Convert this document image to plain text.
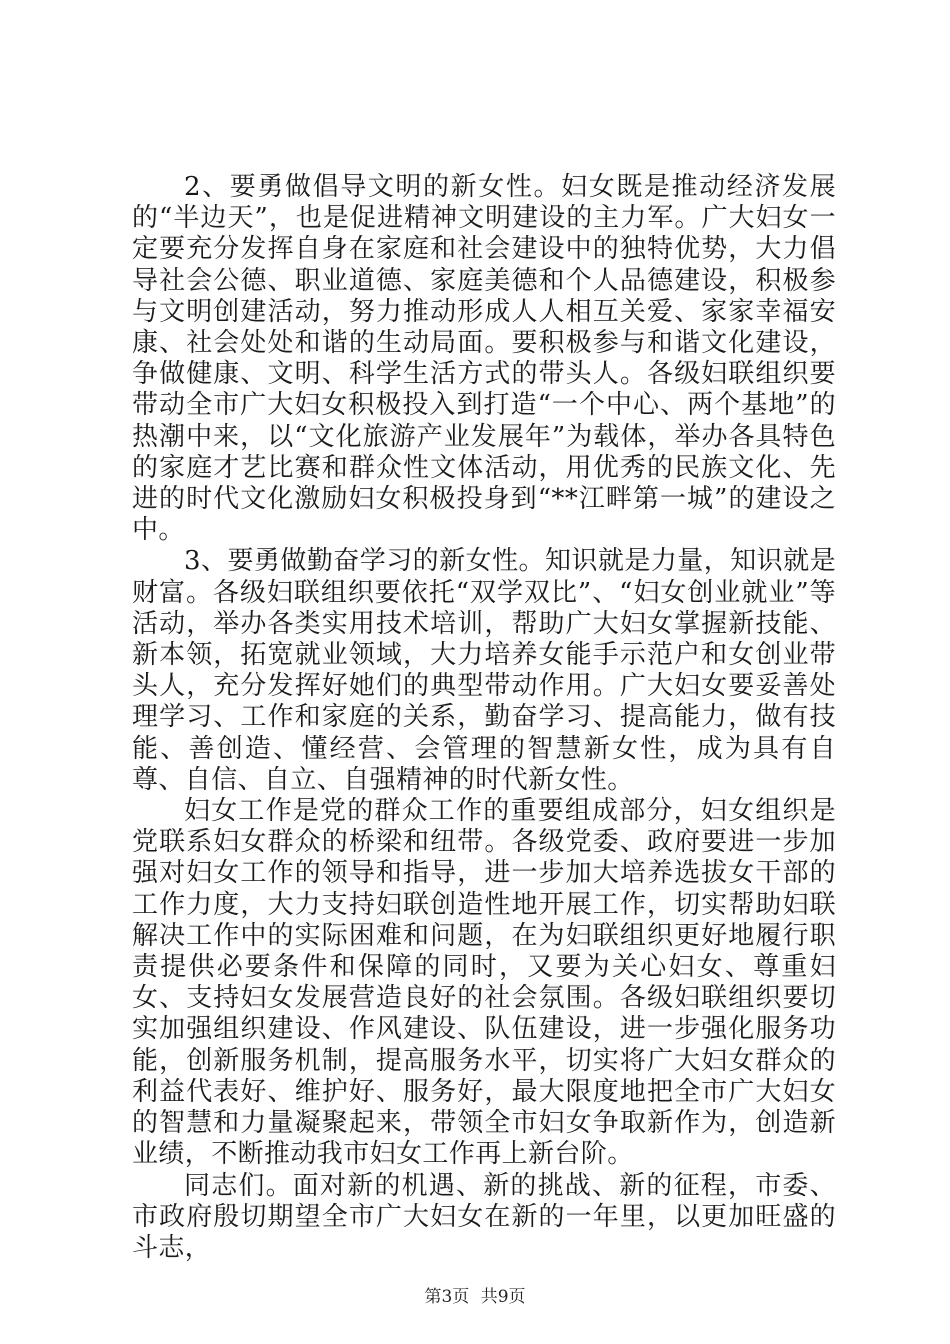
2、要勇做倡导文明的新女性。妇女既是推动经济发展的“半边天”，也是促进精神文明建设的主力军。广大妇女一定要充分发挥自身在家庭和社会建设中的独特优势，大力倡导社会公德、职业道德、家庭美德和个人品德建设，积极参与文明创建活动，努力推动形成人人相互关爱、家家幸福安康、社会处处和谐的生动局面。要积极参与和谐文化建设，争做健康、文明、科学生活方式的带头人。各级妇联组织要带动全市广大妇女积极投入到打造“一个中心、两个基地”的热潮中来，以“文化旅游产业发展年”为载体，举办各具特色的家庭才艺比赛和群众性文体活动，用优秀的民族文化、先进的时代文化激励妇女积极投身到“**江畔第一城”的建设之中。

3、要勇做勤奋学习的新女性。知识就是力量，知识就是财富。各级妇联组织要依托“双学双比”、“妇女创业就业”等活动，举办各类实用技术培训，帮助广大妇女掌握新技能、新本领，拓宽就业领域，大力培养女能手示范户和女创业带头人，充分发挥好她们的典型带动作用。广大妇女要妥善处理学习、工作和家庭的关系，勤奋学习、提高能力，做有技能、善创造、懂经营、会管理的智慧新女性，成为具有自尊、自信、自立、自强精神的时代新女性。

妇女工作是党的群众工作的重要组成部分，妇女组织是党联系妇女群众的桥梁和纽带。各级党委、政府要进一步加强对妇女工作的领导和指导，进一步加大培养选拔女干部的工作力度，大力支持妇联创造性地开展工作，切实帮助妇联解决工作中的实际困难和问题，在为妇联组织更好地履行职责提供必要条件和保障的同时，又要为关心妇女、尊重妇女、支持妇女发展营造良好的社会氛围。各级妇联组织要切实加强组织建设、作风建设、队伍建设，进一步强化服务功能，创新服务机制，提高服务水平，切实将广大妇女群众的利益代表好、维护好、服务好，最大限度地把全市广大妇女的智慧和力量凝聚起来，带领全市妇女争取新作为，创造新业绩，不断推动我市妇女工作再上新台阶。

同志们。面对新的机遇、新的挑战、新的征程，市委、市政府殷切期望全市广大妇女在新的一年里，以更加旺盛的斗志，

第3页 共9页
